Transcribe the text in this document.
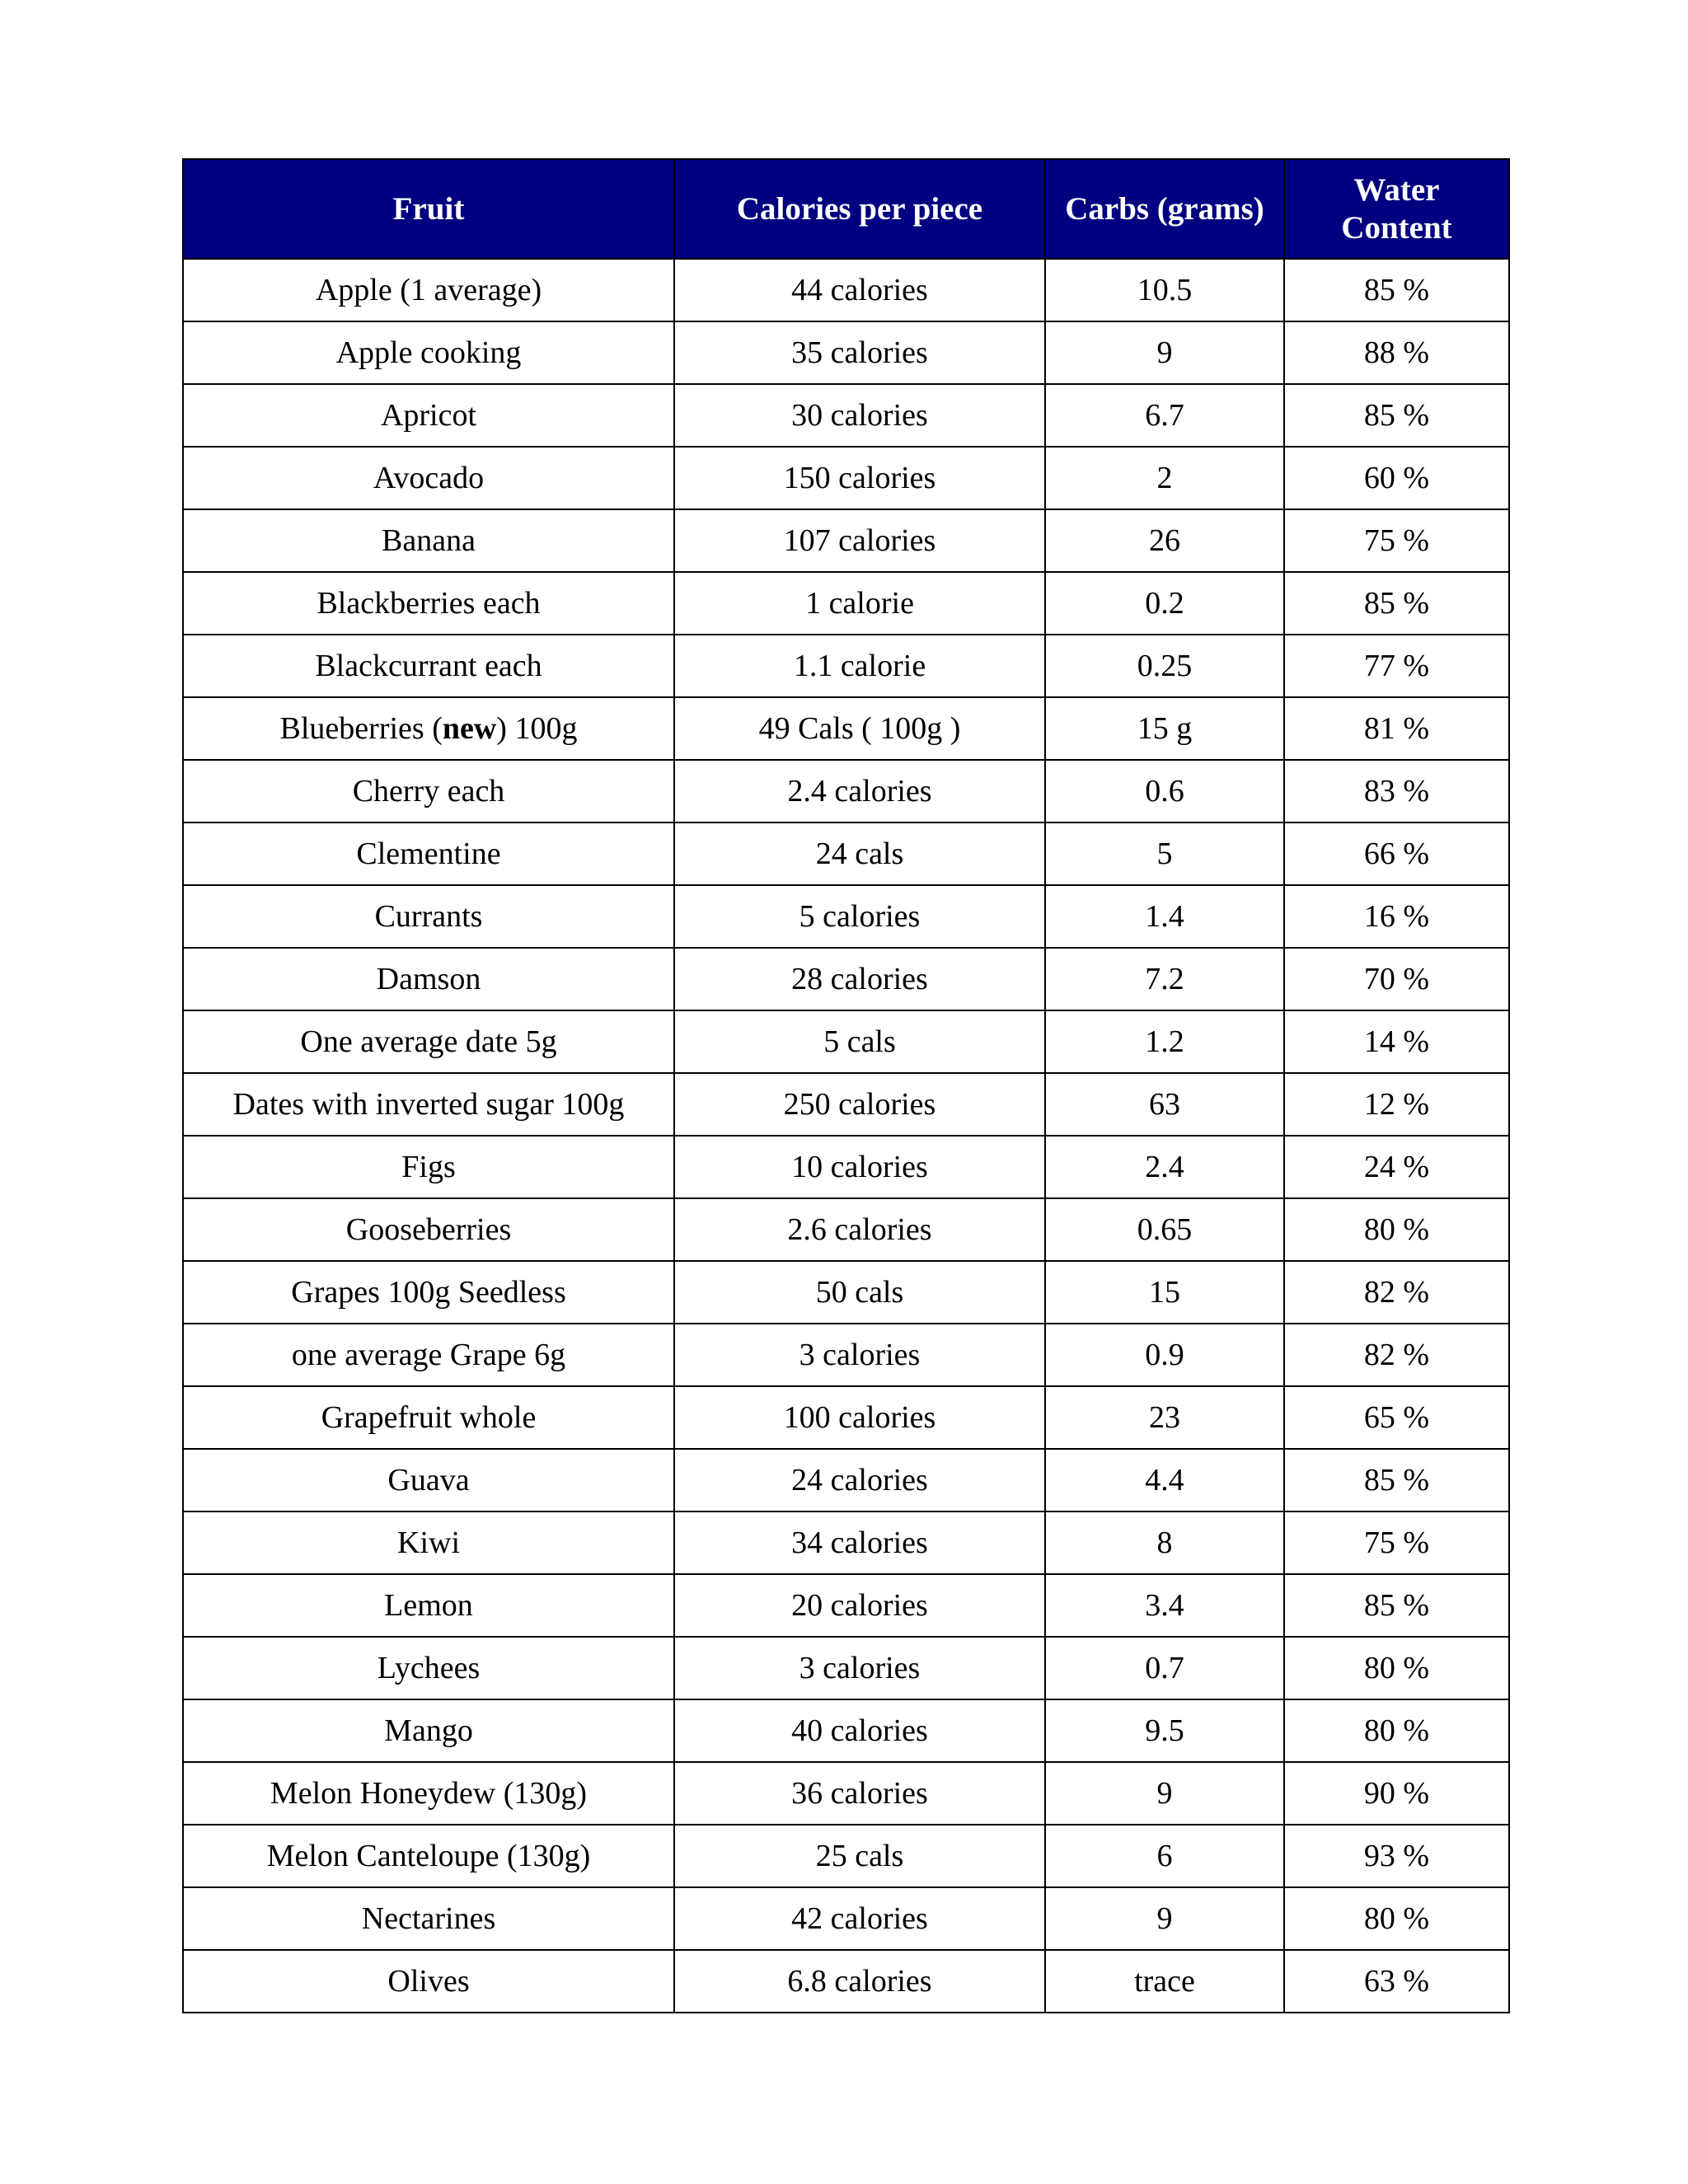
Fruit	Calories per piece	Carbs (grams)	Water
Content

Apple (1 average)	44 calories	10.5	85 %
Apple cooking	35 calories	9	88 %
Apricot	30 calories	6.7	85 %
Avocado	150 calories	2	60 %
Banana	107 calories	26	75 %
Blackberries each	1 calorie	0.2	85 %
Blackcurrant each	1.1 calorie	0.25	77 %
Blueberries (new) 100g	49 Cals ( 100g )	15 g	81 %
Cherry each	2.4 calories	0.6	83 %
Clementine	24 cals	5	66 %
Currants	5 calories	1.4	16 %
Damson	28 calories	7.2	70 %
One average date 5g	5 cals	1.2	14 %
Dates with inverted sugar 100g	250 calories	63	12 %
Figs	10 calories	2.4	24 %
Gooseberries	2.6 calories	0.65	80 %
Grapes 100g Seedless	50 cals	15	82 %
one average Grape 6g	3 calories	0.9	82 %
Grapefruit whole	100 calories	23	65 %
Guava	24 calories	4.4	85 %
Kiwi	34 calories	8	75 %
Lemon	20 calories	3.4	85 %
Lychees	3 calories	0.7	80 %
Mango	40 calories	9.5	80 %
Melon Honeydew (130g)	36 calories	9	90 %
Melon Canteloupe (130g)	25 cals	6	93 %
Nectarines	42 calories	9	80 %
Olives	6.8 calories	trace	63 %
